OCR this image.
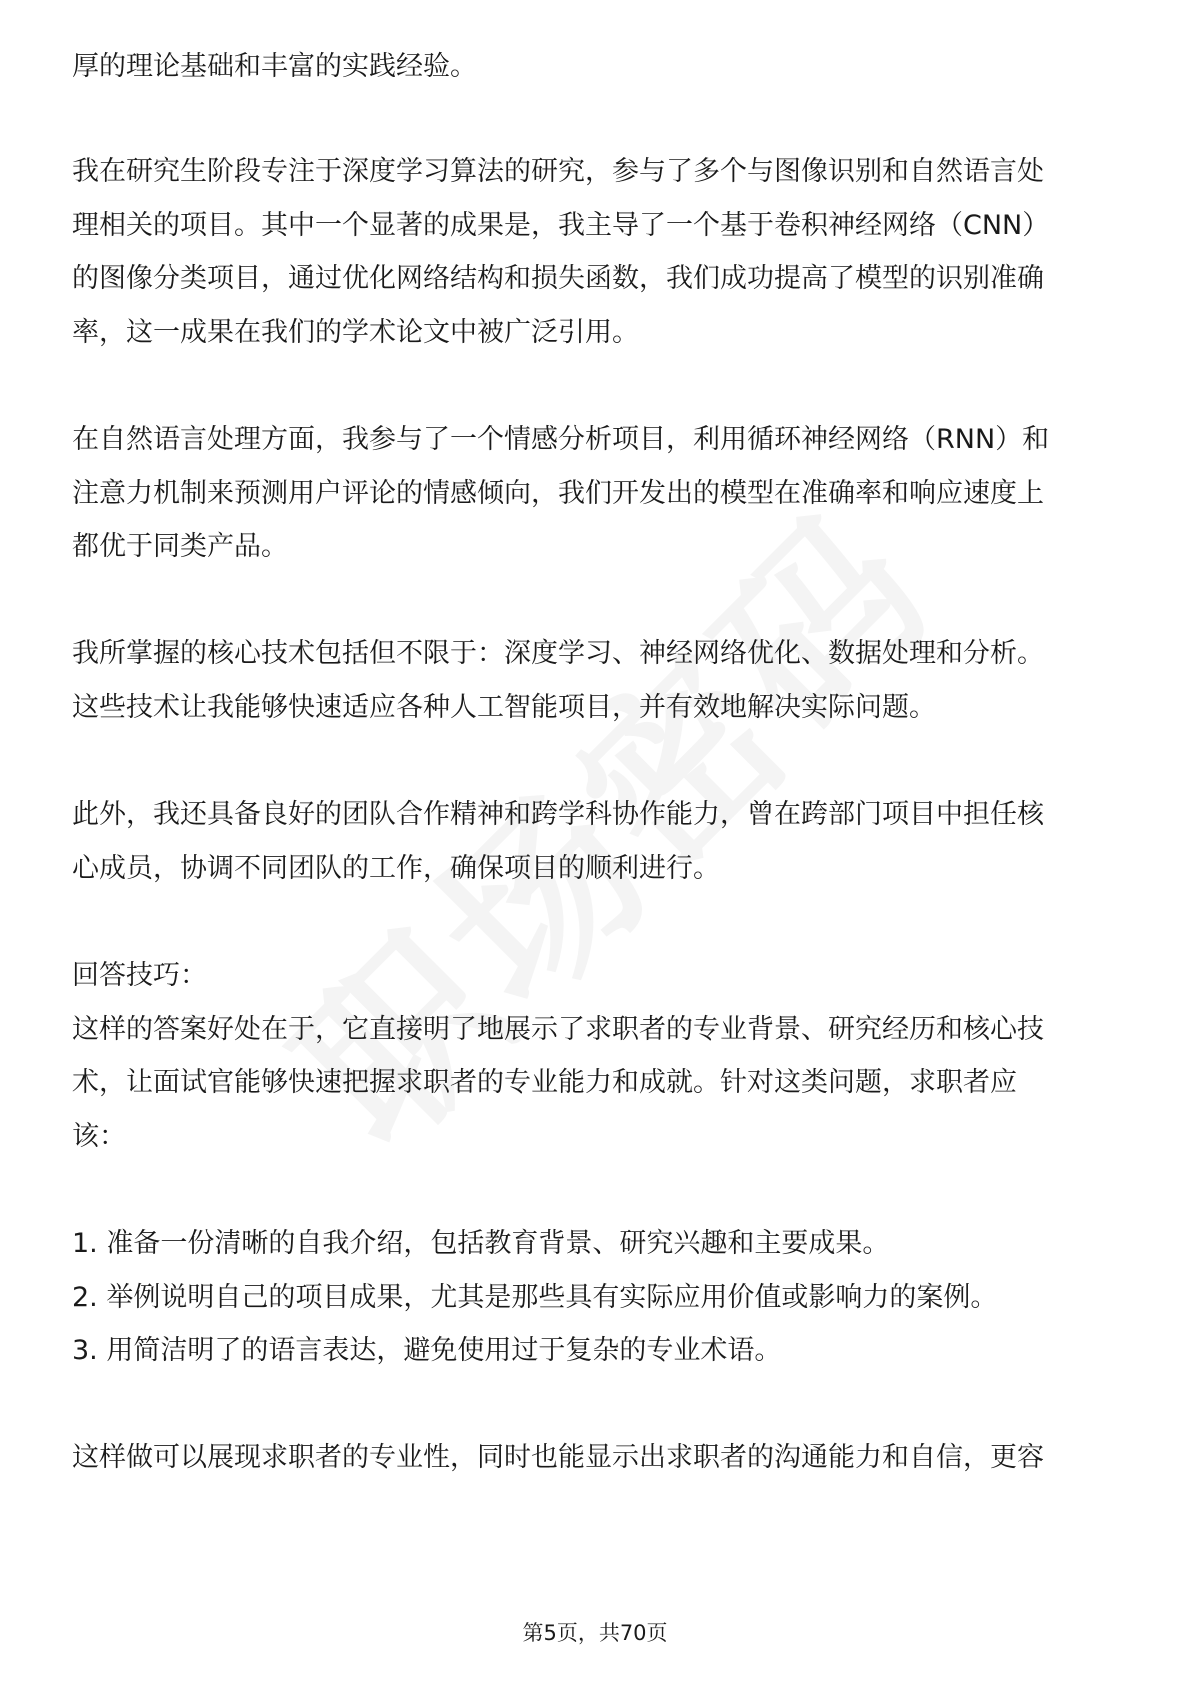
厚的理论基础和丰富的实践经验。
我在研究生阶段专注于深度学习算法的研究，参与了多个与图像识别和自然语言处
理相关的项目。其中一个显著的成果是，我主导了一个基于卷积神经网络（CNN）
的图像分类项目，通过优化网络结构和损失函数，我们成功提高了模型的识别准确
率，这一成果在我们的学术论文中被广泛引用。
在自然语言处理方面，我参与了一个情感分析项目，利用循环神经网络（RNN）和
注意力机制来预测用户评论的情感倾向，我们开发出的模型在准确率和响应速度上
都优于同类产品。
我所掌握的核心技术包括但不限于：深度学习、神经网络优化、数据处理和分析。
这些技术让我能够快速适应各种人工智能项目，并有效地解决实际问题。
此外，我还具备良好的团队合作精神和跨学科协作能力，曾在跨部门项目中担任核
心成员，协调不同团队的工作，确保项目的顺利进行。
回答技巧：
这样的答案好处在于，它直接明了地展示了求职者的专业背景、研究经历和核心技
术，让面试官能够快速把握求职者的专业能力和成就。针对这类问题，求职者应
该：
1. 准备一份清晰的自我介绍，包括教育背景、研究兴趣和主要成果。
2. 举例说明自己的项目成果，尤其是那些具有实际应用价值或影响力的案例。
3. 用简洁明了的语言表达，避免使用过于复杂的专业术语。
这样做可以展现求职者的专业性，同时也能显示出求职者的沟通能力和自信，更容
第5页，共70页
